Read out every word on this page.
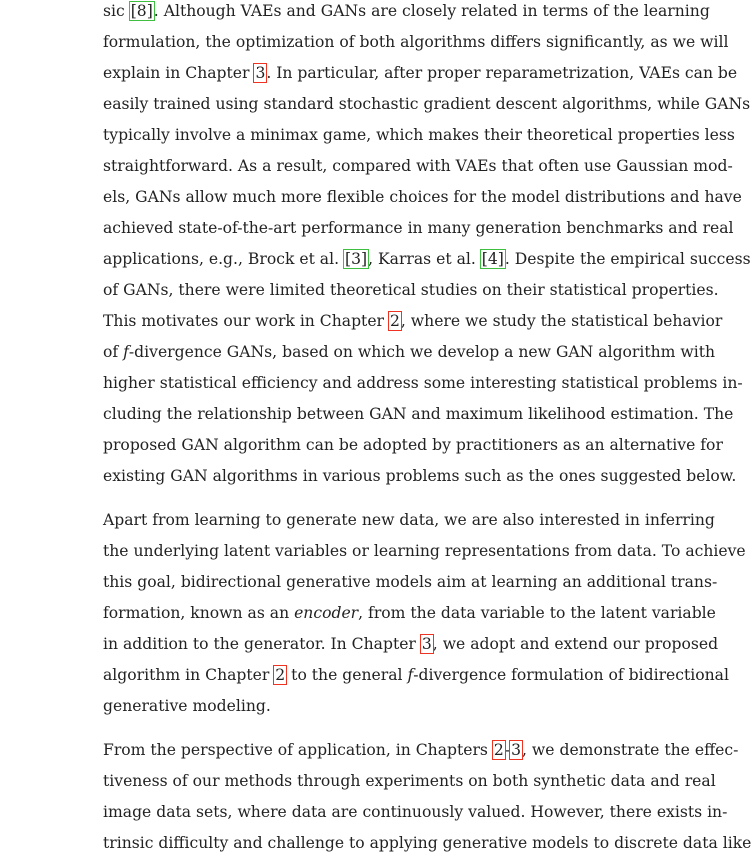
sic [8]. Although VAEs and GANs are closely related in terms of the learning
formulation, the optimization of both algorithms differs significantly, as we will
explain in Chapter 3. In particular, after proper reparametrization, VAEs can be
easily trained using standard stochastic gradient descent algorithms, while GANs
typically involve a minimax game, which makes their theoretical properties less
straightforward. As a result, compared with VAEs that often use Gaussian mod-
els, GANs allow much more flexible choices for the model distributions and have
achieved state-of-the-art performance in many generation benchmarks and real
applications, e.g., Brock et al. [3], Karras et al. [4]. Despite the empirical success
of GANs, there were limited theoretical studies on their statistical properties.
This motivates our work in Chapter 2, where we study the statistical behavior
of f-divergence GANs, based on which we develop a new GAN algorithm with
higher statistical efficiency and address some interesting statistical problems in-
cluding the relationship between GAN and maximum likelihood estimation. The
proposed GAN algorithm can be adopted by practitioners as an alternative for
existing GAN algorithms in various problems such as the ones suggested below.
Apart from learning to generate new data, we are also interested in inferring
the underlying latent variables or learning representations from data. To achieve
this goal, bidirectional generative models aim at learning an additional trans-
formation, known as an encoder, from the data variable to the latent variable
in addition to the generator. In Chapter 3, we adopt and extend our proposed
algorithm in Chapter 2 to the general f-divergence formulation of bidirectional
generative modeling.
From the perspective of application, in Chapters 2-3, we demonstrate the effec-
tiveness of our methods through experiments on both synthetic data and real
image data sets, where data are continuously valued. However, there exists in-
trinsic difficulty and challenge to applying generative models to discrete data like
